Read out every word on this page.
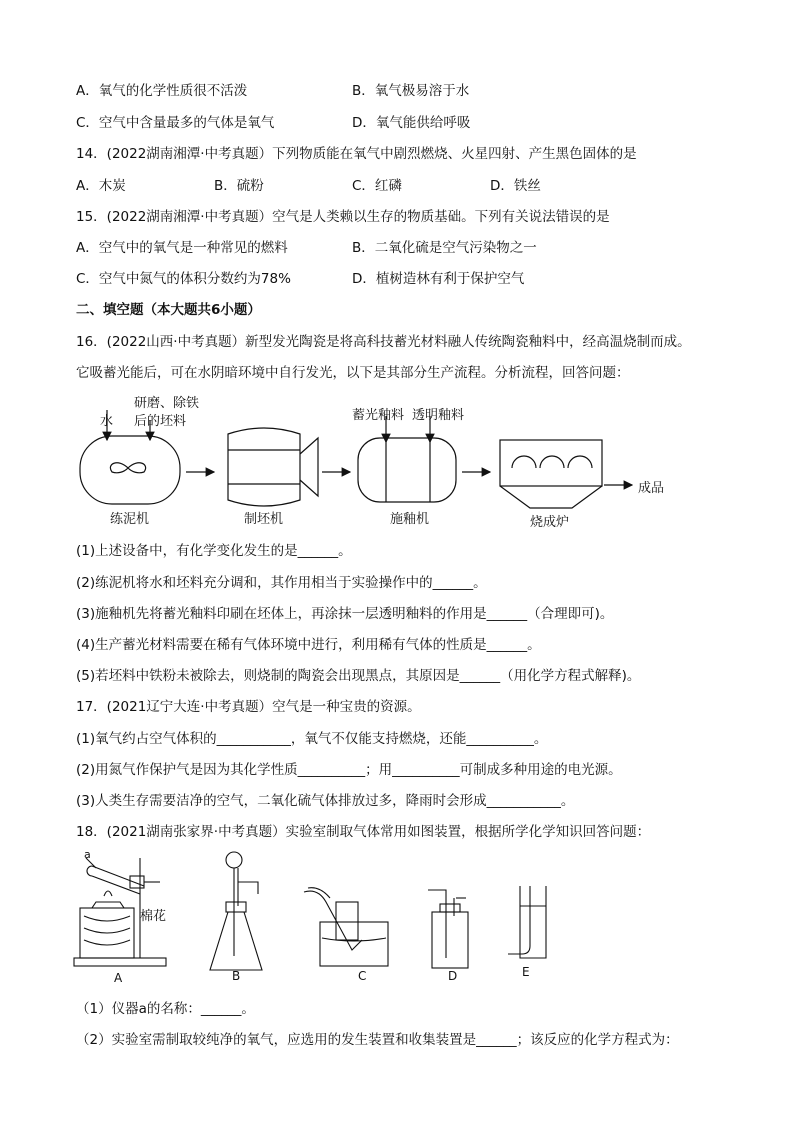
A．氧气的化学性质很不活泼	B．氧气极易溶于水
C．空气中含量最多的气体是氧气	D．氧气能供给呼吸
14．(2022湖南湘潭·中考真题）下列物质能在氧气中剧烈燃烧、火星四射、产生黑色固体的是
A．木炭	B．硫粉	C．红磷	D．铁丝
15．(2022湖南湘潭·中考真题）空气是人类赖以生存的物质基础。下列有关说法错误的是
A．空气中的氧气是一种常见的燃料	B．二氧化硫是空气污染物之一
C．空气中氮气的体积分数约为78%	D．植树造林有利于保护空气
二、填空题（本大题共6小题）
16．(2022山西·中考真题）新型发光陶瓷是将高科技蓄光材料融人传统陶瓷釉料中，经高温烧制而成。
它吸蓄光能后，可在水阴暗环境中自行发光，以下是其部分生产流程。分析流程，回答问题：
水
研磨、除铁
后的坯料	蓄光釉料 透明釉料
练泥机	制坯机	施釉机	烧成炉
成品
(1)上述设备中，有化学变化发生的是______。
(2)练泥机将水和坯料充分调和，其作用相当于实验操作中的______。
(3)施釉机先将蓄光釉料印刷在坯体上，再涂抹一层透明釉料的作用是______（合理即可)。
(4)生产蓄光材料需要在稀有气体环境中进行，利用稀有气体的性质是______。
(5)若坯料中铁粉未被除去，则烧制的陶瓷会出现黑点，其原因是______（用化学方程式解释)。
17．(2021辽宁大连·中考真题）空气是一种宝贵的资源。
(1)氧气约占空气体积的___________，氧气不仅能支持燃烧，还能__________。
(2)用氮气作保护气是因为其化学性质__________；用__________可制成多种用途的电光源。
(3)人类生存需要洁净的空气，二氧化硫气体排放过多，降雨时会形成___________。
18．(2021湖南张家界·中考真题）实验室制取气体常用如图装置，根据所学化学知识回答问题：
a
棉花
A	B	C	D	E
（1）仪器a的名称：______。
（2）实验室需制取较纯净的氧气，应选用的发生装置和收集装置是______；该反应的化学方程式为：
